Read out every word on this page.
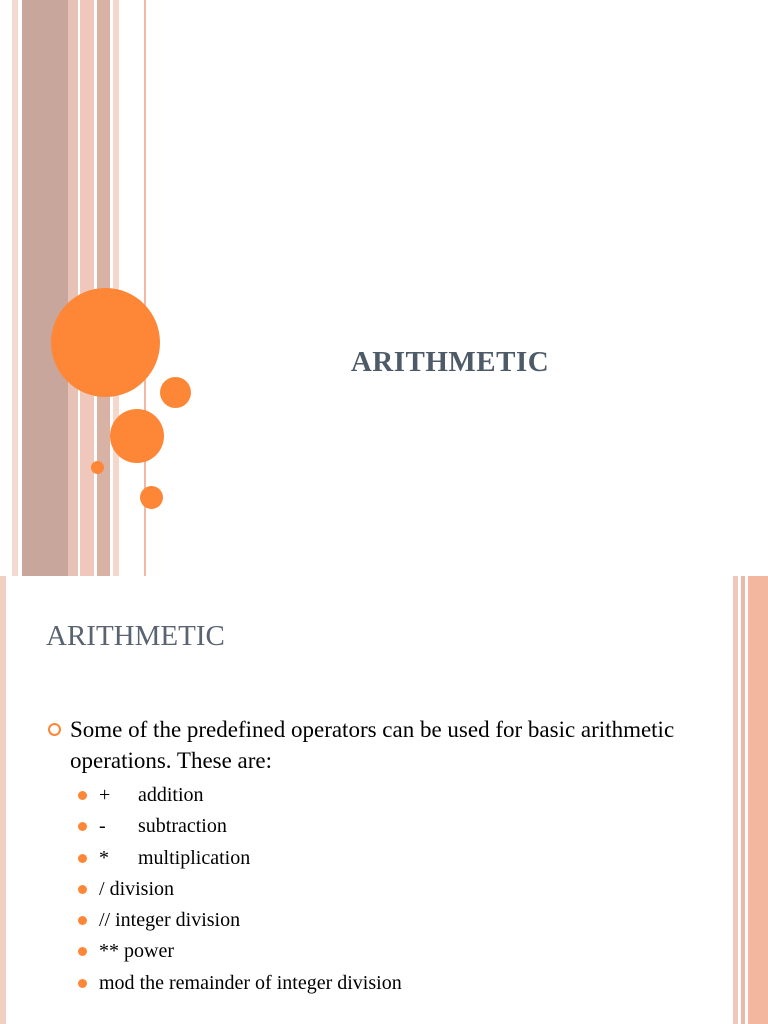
ARITHMETIC
ARITHMETIC
Some of the predefined operators can be used for basic arithmetic operations. These are:
+ addition
- subtraction
* multiplication
/ division
// integer division
** power
mod the remainder of integer division
